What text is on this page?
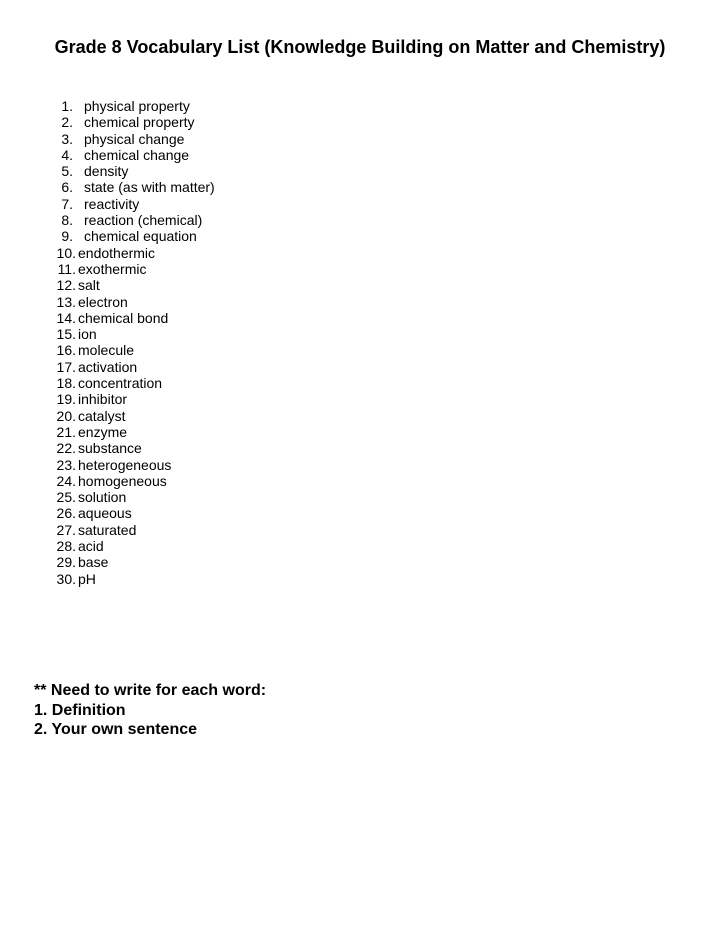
Grade 8 Vocabulary List (Knowledge Building on Matter and Chemistry)
1. physical property
2. chemical property
3. physical change
4. chemical change
5. density
6. state (as with matter)
7. reactivity
8. reaction (chemical)
9. chemical equation
10. endothermic
11. exothermic
12. salt
13. electron
14. chemical bond
15. ion
16. molecule
17. activation
18. concentration
19. inhibitor
20. catalyst
21. enzyme
22. substance
23. heterogeneous
24. homogeneous
25. solution
26. aqueous
27. saturated
28. acid
29. base
30. pH
** Need to write for each word:
1. Definition
2. Your own sentence
